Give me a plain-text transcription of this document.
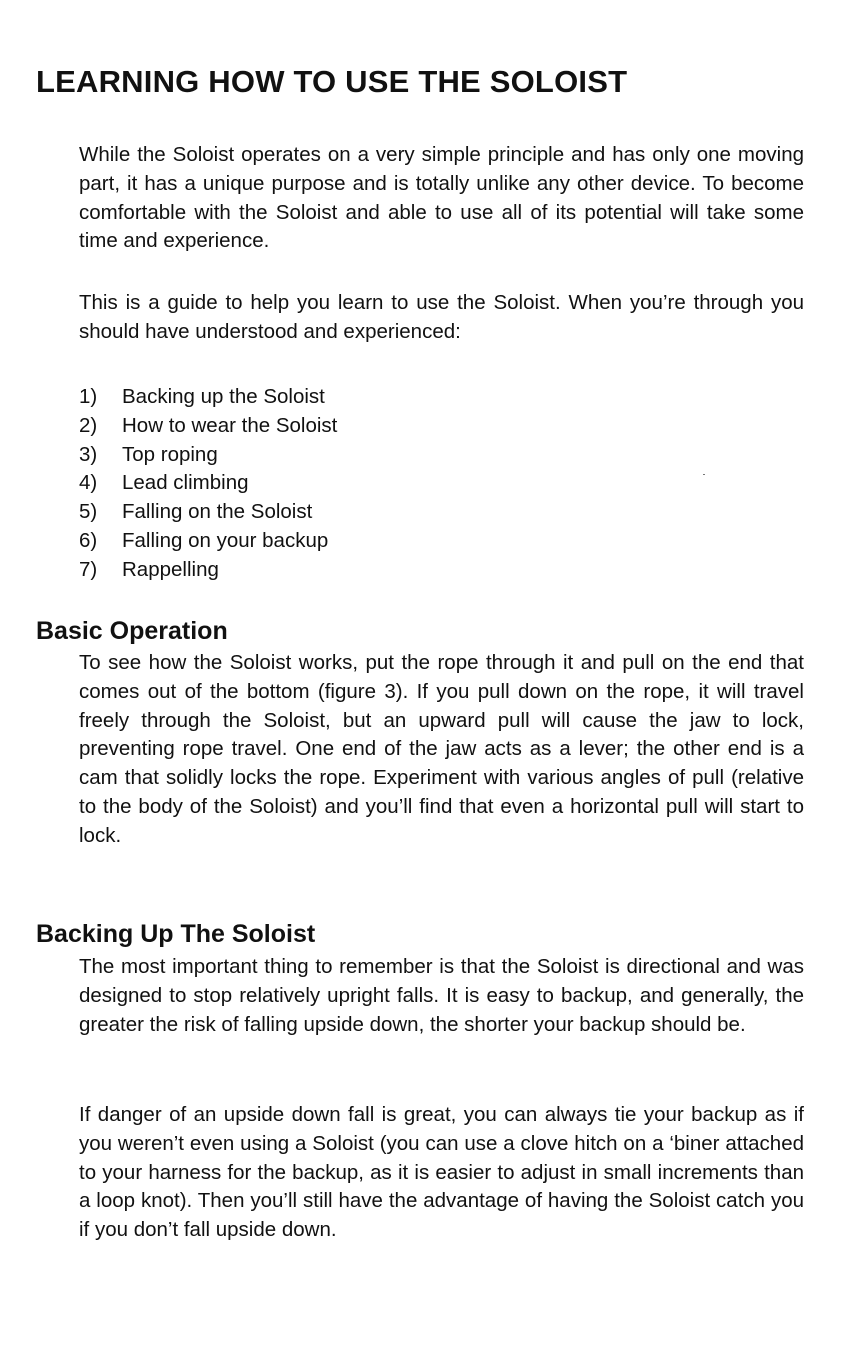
LEARNING HOW TO USE THE SOLOIST

While the Soloist operates on a very simple principle and has only one moving part, it has a unique purpose and is totally unlike any other device. To become comfortable with the Soloist and able to use all of its potential will take some time and experience.

This is a guide to help you learn to use the Soloist. When you’re through you should have understood and experienced:

1)	Backing up the Soloist
2)	How to wear the Soloist
3)	Top roping
4)	Lead climbing
5)	Falling on the Soloist
6)	Falling on your backup
7)	Rappelling
Basic Operation

To see how the Soloist works, put the rope through it and pull on the end that comes out of the bottom (figure 3). If you pull down on the rope, it will travel freely through the Soloist, but an upward pull will cause the jaw to lock, preventing rope travel. One end of the jaw acts as a lever; the other end is a cam that solidly locks the rope. Experiment with various angles of pull (relative to the body of the Soloist) and you’ll find that even a horizontal pull will start to lock.

Backing Up The Soloist

The most important thing to remember is that the Soloist is directional and was designed to stop relatively upright falls. It is easy to backup, and generally, the greater the risk of falling upside down, the shorter your backup should be.

If danger of an upside down fall is great, you can always tie your backup as if you weren’t even using a Soloist (you can use a clove hitch on a ‘biner attached to your harness for the backup, as it is easier to adjust in small increments than a loop knot). Then you’ll still have the advantage of having the Soloist catch you if you don’t fall upside down.
